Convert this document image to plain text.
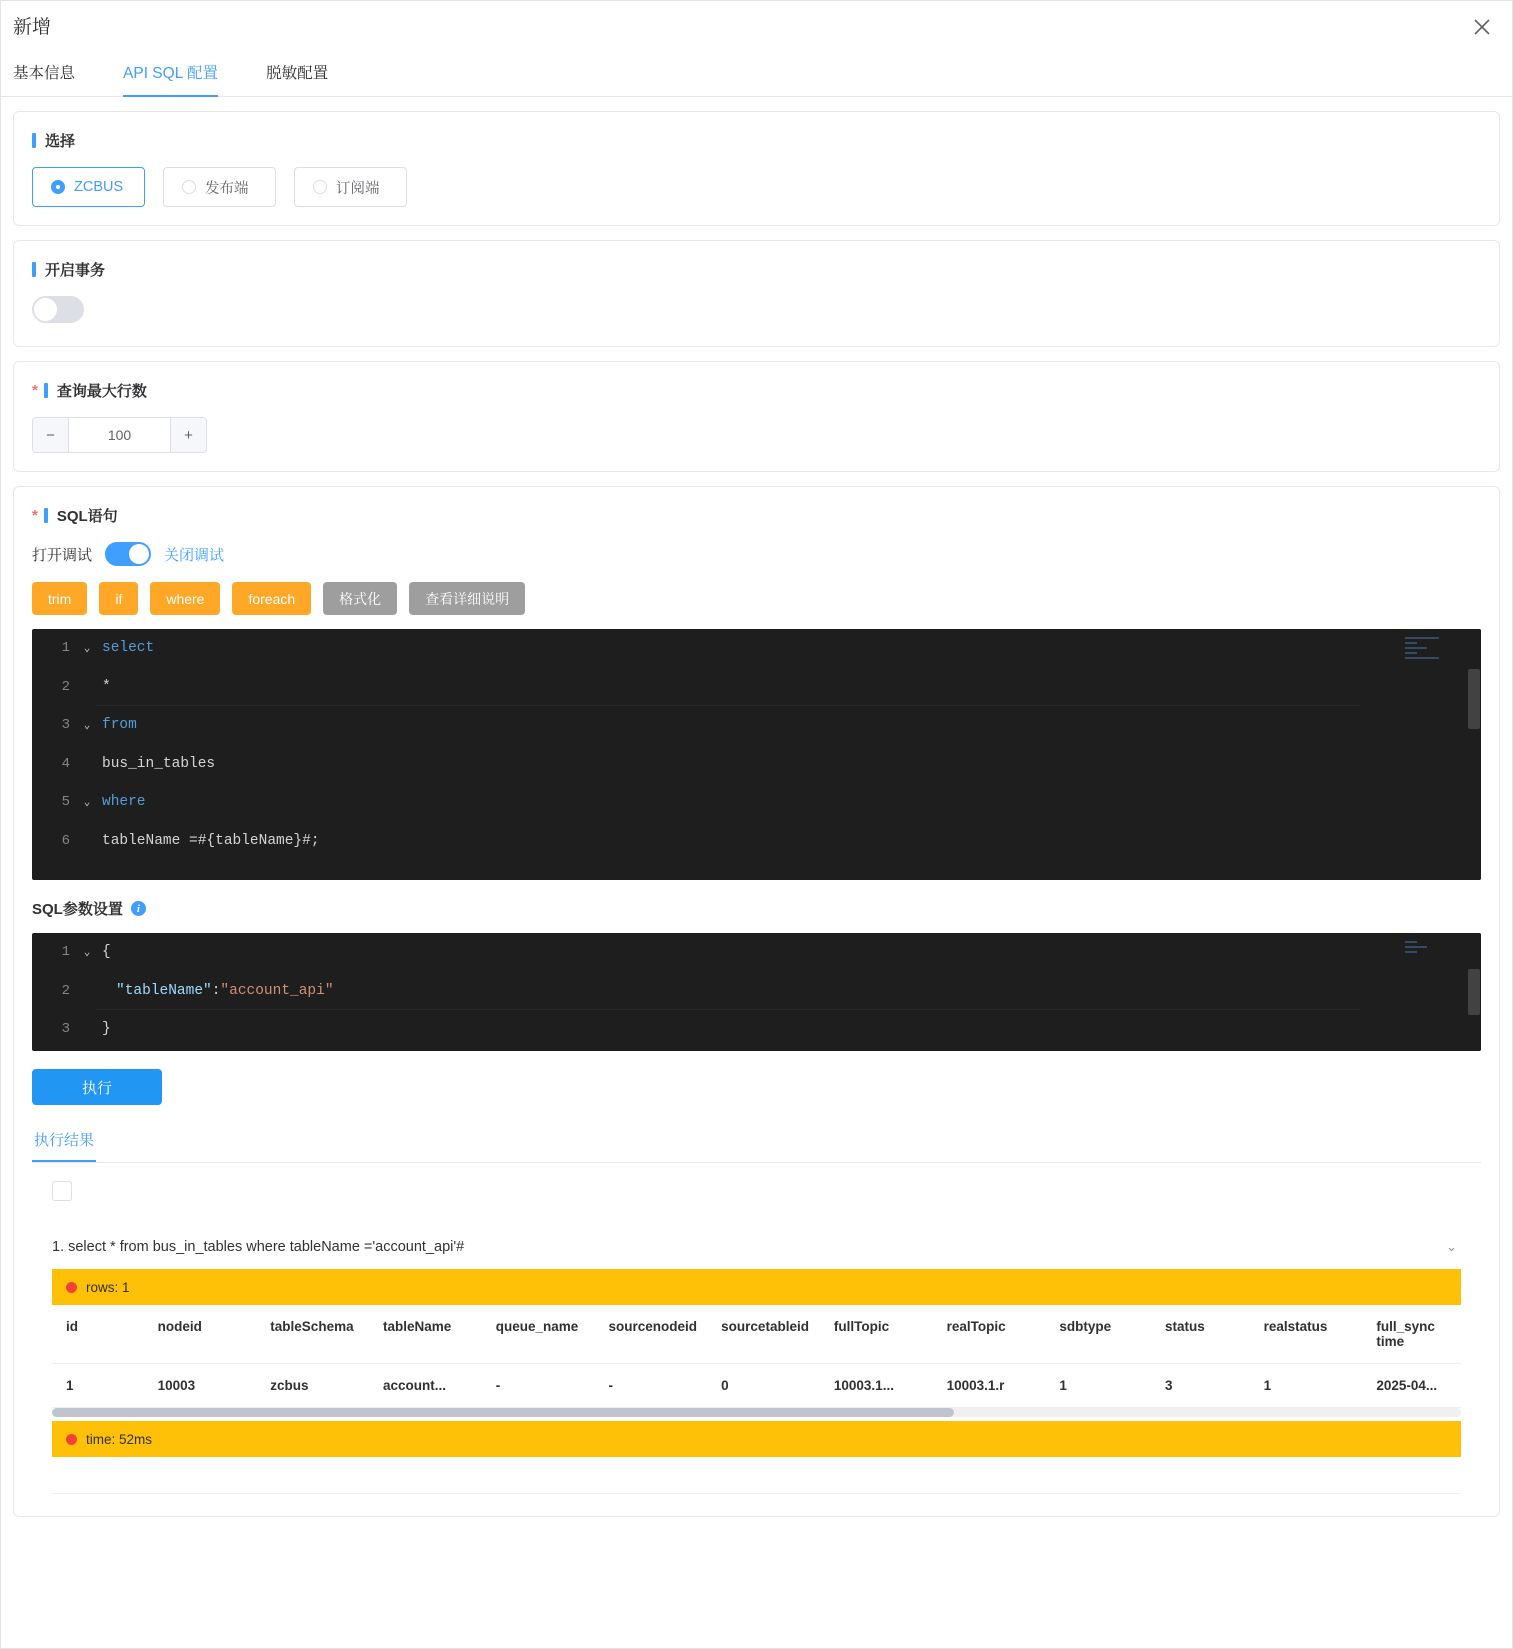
新增
基本信息	API SQL 配置	脱敏配置
选择
ZCBUS	发布端	订阅端
开启事务
* 查询最大行数
−	100	+
* SQL语句
打开调试	关闭调试
trim	if	where	foreach	格式化	查看详细说明
1	⌄ select
2	*
3	⌄ from
4	bus_in_tables
5	⌄ where
6	tableName =#{tableName}#;
SQL参数设置	i
1	⌄ {
2	"tableName":"account_api"
3	}
执行
执行结果
1. select * from bus_in_tables where tableName ='account_api'#	⌄
rows: 1
id	nodeid	tableSchema	tableName	queue_name	sourcenodeid	sourcetableid	fullTopic	realTopic	sdbtype	status	realstatus	full_sync time
1	10003	zcbus	account...	-	-	0	10003.1...	10003.1.r	1	3	1	2025-04...
time: 52ms
